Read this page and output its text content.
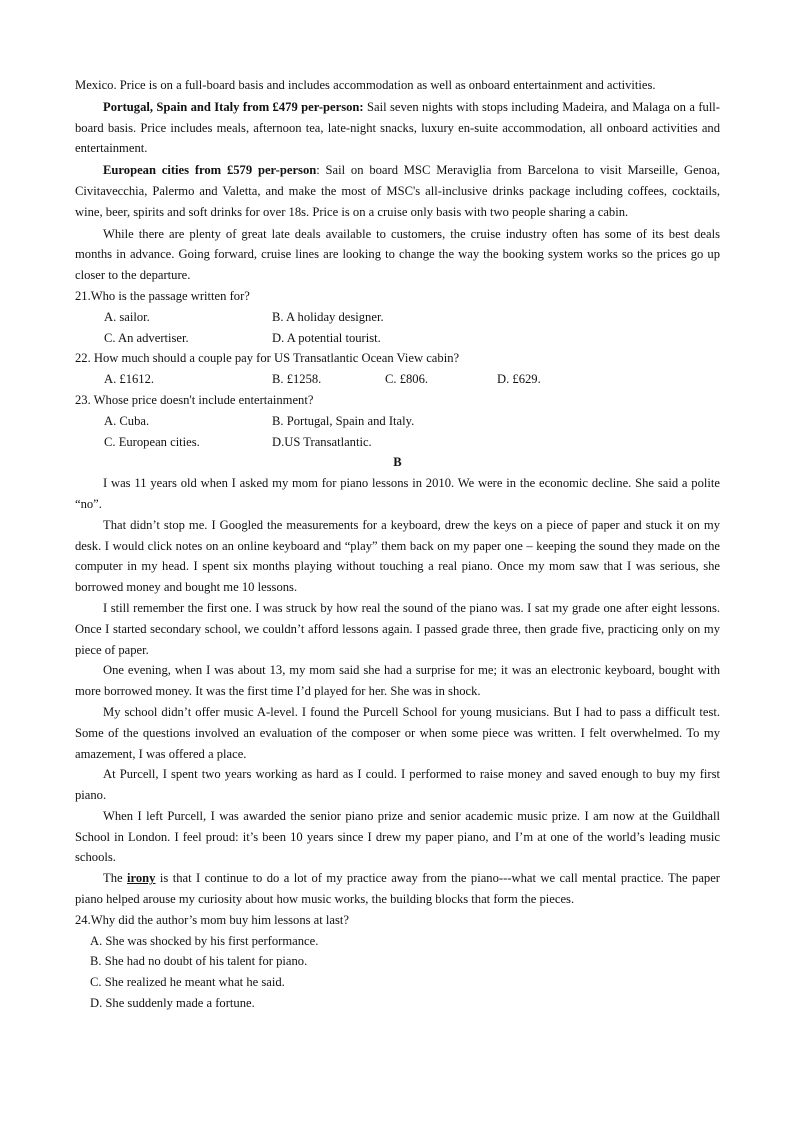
Mexico. Price is on a full-board basis and includes accommodation as well as onboard entertainment and activities.

Portugal, Spain and Italy from £479 per-person: Sail seven nights with stops including Madeira, and Malaga on a full-board basis. Price includes meals, afternoon tea, late-night snacks, luxury en-suite accommodation, all onboard activities and entertainment.

European cities from £579 per-person: Sail on board MSC Meraviglia from Barcelona to visit Marseille, Genoa, Civitavecchia, Palermo and Valetta, and make the most of MSC's all-inclusive drinks package including coffees, cocktails, wine, beer, spirits and soft drinks for over 18s. Price is on a cruise only basis with two people sharing a cabin.

While there are plenty of great late deals available to customers, the cruise industry often has some of its best deals months in advance. Going forward, cruise lines are looking to change the way the booking system works so the prices go up closer to the departure.

21.Who is the passage written for?

A. sailor.	B. A holiday designer.
C. An advertiser.	D. A potential tourist.

22. How much should a couple pay for US Transatlantic Ocean View cabin?

A. £1612.	B. £1258.	C. £806.	D. £629.

23. Whose price doesn't include entertainment?

A. Cuba.	B. Portugal, Spain and Italy.
C. European cities.	D.US Transatlantic.

B

I was 11 years old when I asked my mom for piano lessons in 2010. We were in the economic decline. She said a polite “no”.

That didn’t stop me. I Googled the measurements for a keyboard, drew the keys on a piece of paper and stuck it on my desk. I would click notes on an online keyboard and “play” them back on my paper one – keeping the sound they made on the computer in my head. I spent six months playing without touching a real piano. Once my mom saw that I was serious, she borrowed money and bought me 10 lessons.

I still remember the first one. I was struck by how real the sound of the piano was. I sat my grade one after eight lessons. Once I started secondary school, we couldn’t afford lessons again. I passed grade three, then grade five, practicing only on my piece of paper.

One evening, when I was about 13, my mom said she had a surprise for me; it was an electronic keyboard, bought with more borrowed money. It was the first time I’d played for her. She was in shock.

My school didn’t offer music A-level. I found the Purcell School for young musicians. But I had to pass a difficult test. Some of the questions involved an evaluation of the composer or when some piece was written. I felt overwhelmed. To my amazement, I was offered a place.

At Purcell, I spent two years working as hard as I could. I performed to raise money and saved enough to buy my first piano.

When I left Purcell, I was awarded the senior piano prize and senior academic music prize. I am now at the Guildhall School in London. I feel proud: it’s been 10 years since I drew my paper piano, and I’m at one of the world’s leading music schools.

The irony is that I continue to do a lot of my practice away from the piano---what we call mental practice. The paper piano helped arouse my curiosity about how music works, the building blocks that form the pieces.

24.Why did the author’s mom buy him lessons at last?

A. She was shocked by his first performance.
B. She had no doubt of his talent for piano.
C. She realized he meant what he said.
D. She suddenly made a fortune.
